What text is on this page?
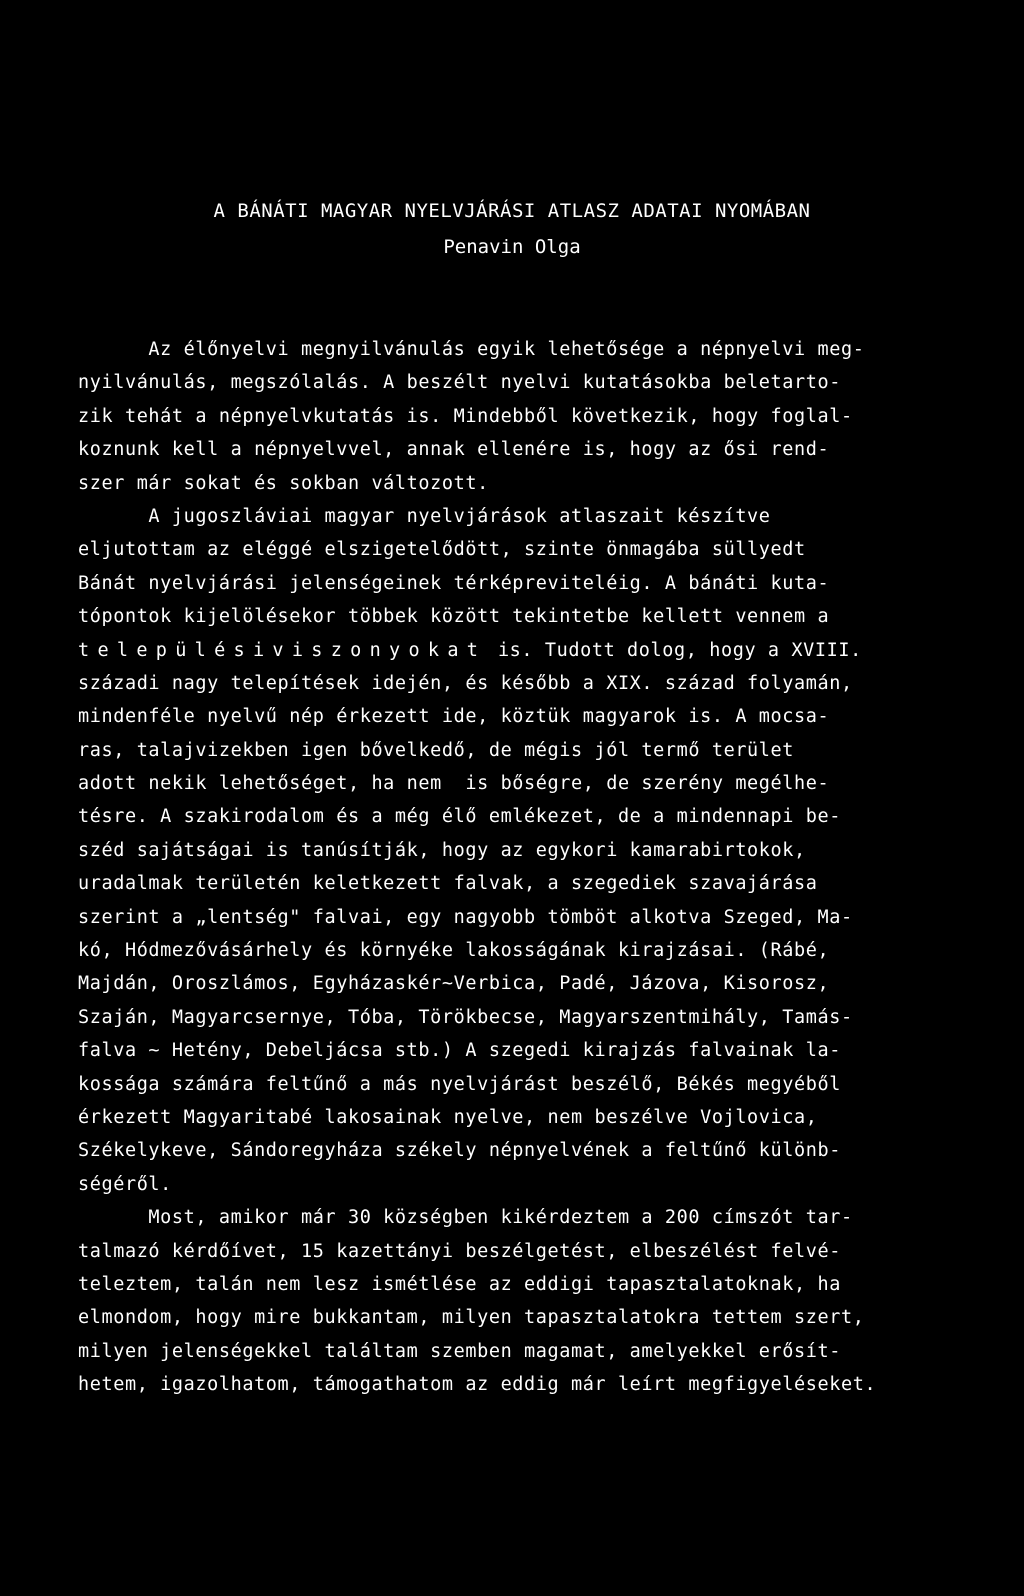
A BÁNÁTI MAGYAR NYELVJÁRÁSI ATLASZ ADATAI NYOMÁBAN
Penavin Olga
Az élőnyelvi megnyilvánulás egyik lehetősége a népnyelvi meg-
nyilvánulás, megszólalás. A beszélt nyelvi kutatásokba beletarto-
zik tehát a népnyelvkutatás is. Mindebből következik, hogy foglal-
koznunk kell a népnyelvvel, annak ellenére is, hogy az ősi rend-
szer már sokat és sokban változott.
A jugoszláviai magyar nyelvjárások atlaszait készítve
eljutottam az eléggé elszigetelődött, szinte önmagába süllyedt
Bánát nyelvjárási jelenségeinek térképreviteléig. A bánáti kuta-
tópontok kijelölésekor többek között tekintetbe kellett vennem a
településiviszonyokat is. Tudott dolog, hogy a XVIII.
századi nagy telepítések idején, és később a XIX. század folyamán,
mindenféle nyelvű nép érkezett ide, köztük magyarok is. A mocsa-
ras, talajvizekben igen bővelkedő, de mégis jól termő terület
adott nekik lehetőséget, ha nem  is bőségre, de szerény megélhe-
tésre. A szakirodalom és a még élő emlékezet, de a mindennapi be-
széd sajátságai is tanúsítják, hogy az egykori kamarabirtokok,
uradalmak területén keletkezett falvak, a szegediek szavajárása
szerint a „lentség" falvai, egy nagyobb tömböt alkotva Szeged, Ma-
kó, Hódmezővásárhely és környéke lakosságának kirajzásai. (Rábé,
Majdán, Oroszlámos, Egyházaskér~Verbica, Padé, Jázova, Kisorosz,
Szaján, Magyarcsernye, Tóba, Törökbecse, Magyarszentmihály, Tamás-
falva ~ Hetény, Debeljácsa stb.) A szegedi kirajzás falvainak la-
kossága számára feltűnő a más nyelvjárást beszélő, Békés megyéből
érkezett Magyaritabé lakosainak nyelve, nem beszélve Vojlovica,
Székelykeve, Sándoregyháza székely népnyelvének a feltűnő különb-
ségéről.
Most, amikor már 30 községben kikérdeztem a 200 címszót tar-
talmazó kérdőívet, 15 kazettányi beszélgetést, elbeszélést felvé-
teleztem, talán nem lesz ismétlése az eddigi tapasztalatoknak, ha
elmondom, hogy mire bukkantam, milyen tapasztalatokra tettem szert,
milyen jelenségekkel találtam szemben magamat, amelyekkel erősít-
hetem, igazolhatom, támogathatom az eddig már leírt megfigyeléseket.
